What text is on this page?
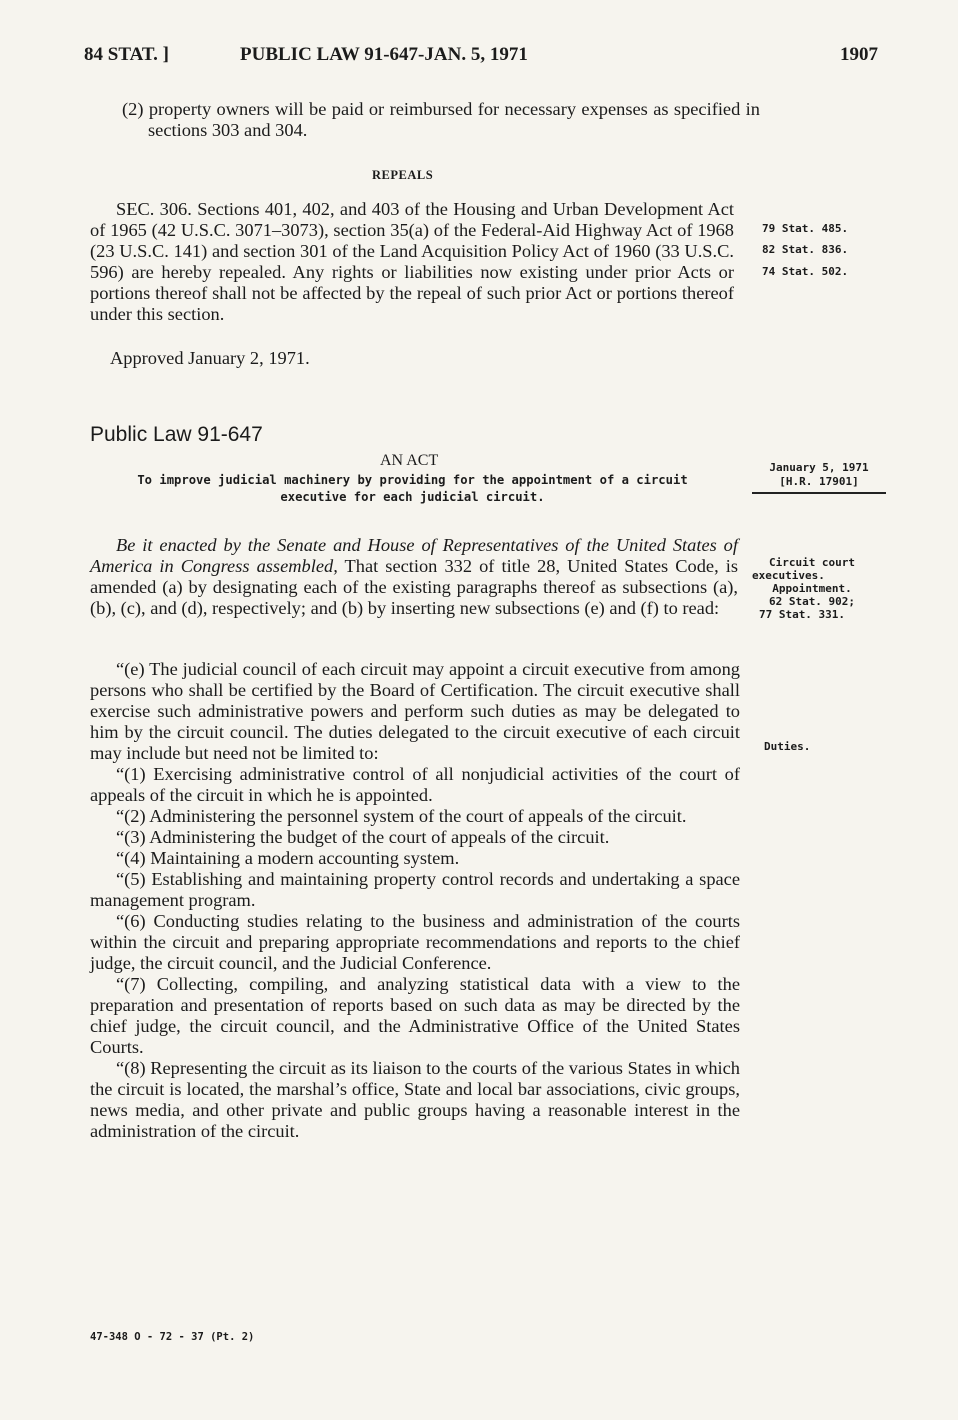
84 STAT. ]	PUBLIC LAW 91-647-JAN. 5, 1971	1907

(2) property owners will be paid or reimbursed for necessary expenses as specified in sections 303 and 304.

REPEALS

SEC. 306. Sections 401, 402, and 403 of the Housing and Urban Development Act of 1965 (42 U.S.C. 3071–3073), section 35(a) of the Federal-Aid Highway Act of 1968 (23 U.S.C. 141) and section 301 of the Land Acquisition Policy Act of 1960 (33 U.S.C. 596) are hereby repealed. Any rights or liabilities now existing under prior Acts or portions thereof shall not be affected by the repeal of such prior Act or portions thereof under this section.

Approved January 2, 1971.
79 Stat. 485.
82 Stat. 836.
74 Stat. 502.
Public Law 91-647
AN ACT
To improve judicial machinery by providing for the appointment of a circuit
executive for each judicial circuit.
January 5, 1971
[H.R. 17901]

Be it enacted by the Senate and House of Representatives of the United States of America in Congress assembled, That section 332 of title 28, United States Code, is amended (a) by designating each of the existing paragraphs thereof as subsections (a), (b), (c), and (d), respectively; and (b) by inserting new subsections (e) and (f) to read:

Circuit court
executives.
Appointment.
62 Stat. 902;
77 Stat. 331.
Duties.

“(e) The judicial council of each circuit may appoint a circuit executive from among persons who shall be certified by the Board of Certification. The circuit executive shall exercise such administrative powers and perform such duties as may be delegated to him by the circuit council. The duties delegated to the circuit executive of each circuit may include but need not be limited to:

“(1) Exercising administrative control of all nonjudicial activities of the court of appeals of the circuit in which he is appointed.

“(2) Administering the personnel system of the court of appeals of the circuit.

“(3) Administering the budget of the court of appeals of the circuit.

“(4) Maintaining a modern accounting system.

“(5) Establishing and maintaining property control records and undertaking a space management program.

“(6) Conducting studies relating to the business and administration of the courts within the circuit and preparing appropriate recommendations and reports to the chief judge, the circuit council, and the Judicial Conference.

“(7) Collecting, compiling, and analyzing statistical data with a view to the preparation and presentation of reports based on such data as may be directed by the chief judge, the circuit council, and the Administrative Office of the United States Courts.

“(8) Representing the circuit as its liaison to the courts of the various States in which the circuit is located, the marshal’s office, State and local bar associations, civic groups, news media, and other private and public groups having a reasonable interest in the administration of the circuit.

47-348 O - 72 - 37 (Pt. 2)
